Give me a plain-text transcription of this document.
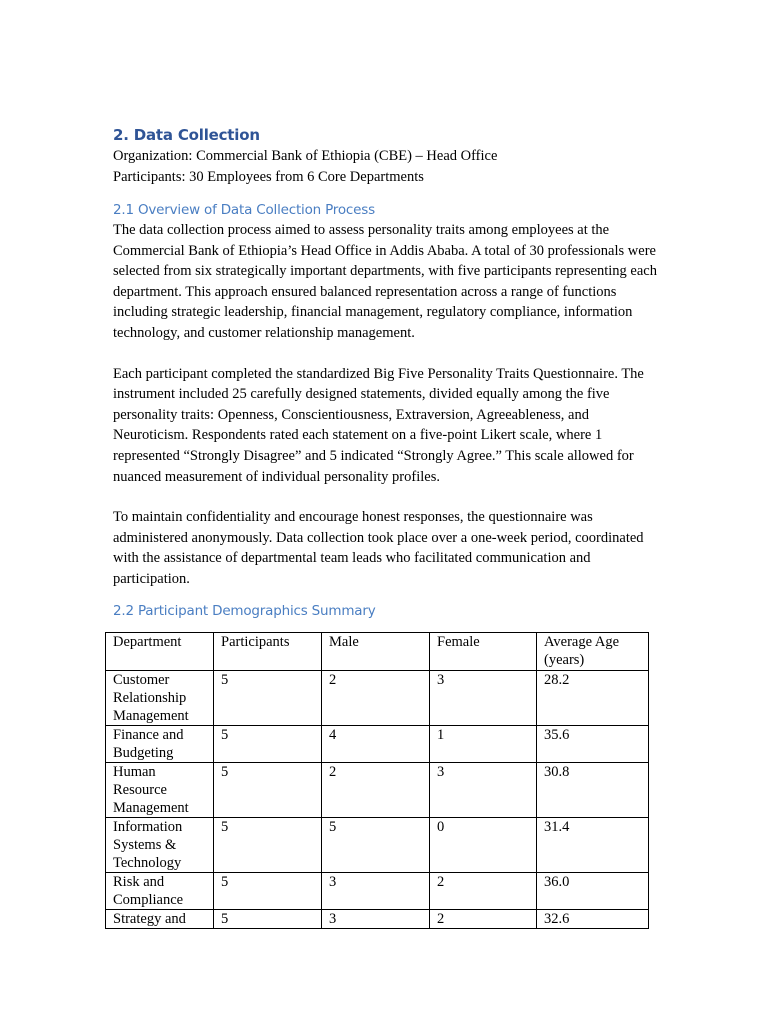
2. Data Collection
Organization: Commercial Bank of Ethiopia (CBE) – Head Office
Participants: 30 Employees from 6 Core Departments
2.1 Overview of Data Collection Process

The data collection process aimed to assess personality traits among employees at the Commercial Bank of Ethiopia’s Head Office in Addis Ababa. A total of 30 professionals were selected from six strategically important departments, with five participants representing each department. This approach ensured balanced representation across a range of functions including strategic leadership, financial management, regulatory compliance, information technology, and customer relationship management.

Each participant completed the standardized Big Five Personality Traits Questionnaire. The instrument included 25 carefully designed statements, divided equally among the five personality traits: Openness, Conscientiousness, Extraversion, Agreeableness, and Neuroticism. Respondents rated each statement on a five-point Likert scale, where 1 represented “Strongly Disagree” and 5 indicated “Strongly Agree.” This scale allowed for nuanced measurement of individual personality profiles.

To maintain confidentiality and encourage honest responses, the questionnaire was administered anonymously. Data collection took place over a one-week period, coordinated with the assistance of departmental team leads who facilitated communication and participation.

2.2 Participant Demographics Summary
Department	Participants	Male	Female	Average Age (years)
Customer Relationship Management	5	2	3	28.2
Finance and Budgeting	5	4	1	35.6
Human Resource Management	5	2	3	30.8
Information Systems & Technology	5	5	0	31.4
Risk and Compliance	5	3	2	36.0
Strategy and	5	3	2	32.6
